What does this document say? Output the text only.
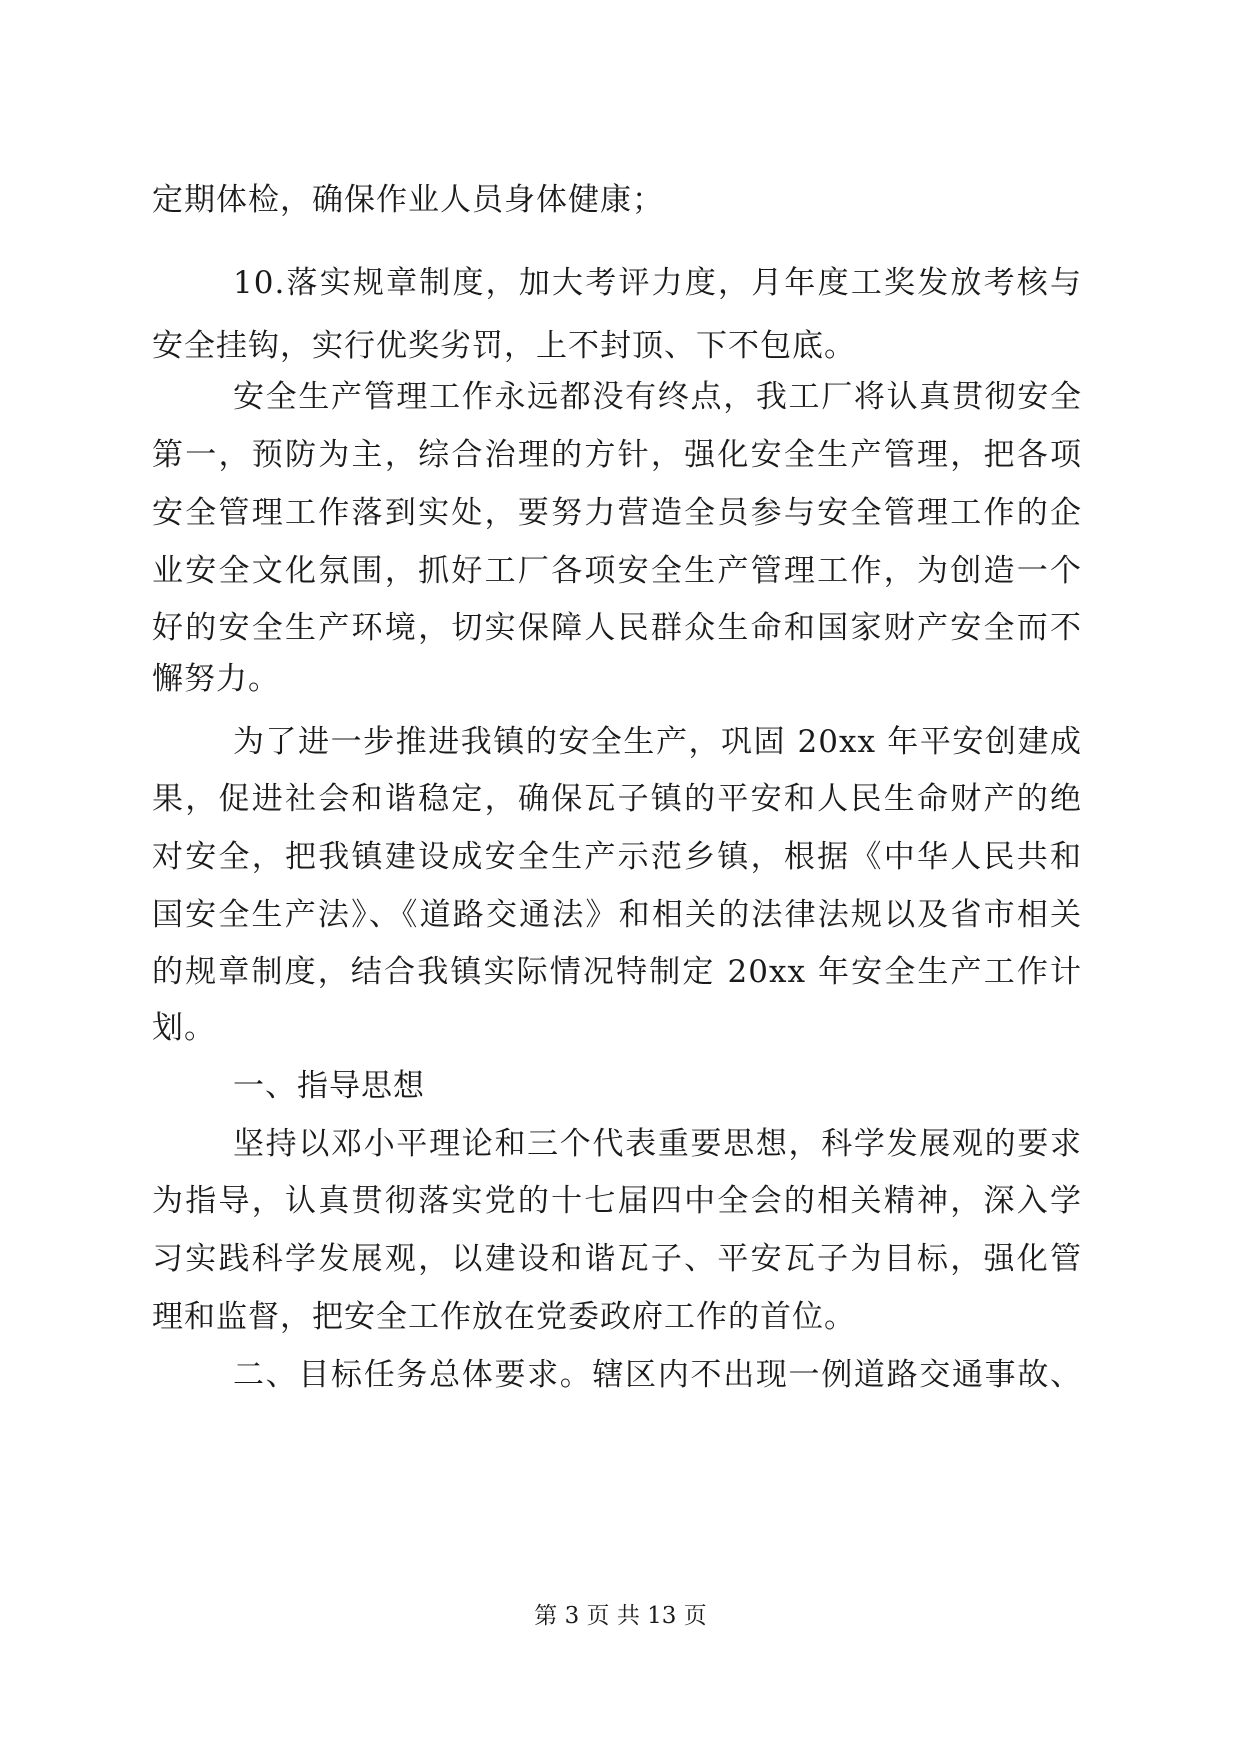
定期体检，确保作业人员身体健康；
10.落实规章制度，加大考评力度，月年度工奖发放考核与
安全挂钩，实行优奖劣罚，上不封顶、下不包底。
安全生产管理工作永远都没有终点，我工厂将认真贯彻安全
第一，预防为主，综合治理的方针，强化安全生产管理，把各项
安全管理工作落到实处，要努力营造全员参与安全管理工作的企
业安全文化氛围，抓好工厂各项安全生产管理工作，为创造一个
好的安全生产环境，切实保障人民群众生命和国家财产安全而不
懈努力。
为了进一步推进我镇的安全生产，巩固 20xx 年平安创建成
果，促进社会和谐稳定，确保瓦子镇的平安和人民生命财产的绝
对安全，把我镇建设成安全生产示范乡镇，根据《中华人民共和
国安全生产法》、《道路交通法》和相关的法律法规以及省市相关
的规章制度，结合我镇实际情况特制定 20xx 年安全生产工作计
划。
一、指导思想
坚持以邓小平理论和三个代表重要思想，科学发展观的要求
为指导，认真贯彻落实党的十七届四中全会的相关精神，深入学
习实践科学发展观，以建设和谐瓦子、平安瓦子为目标，强化管
理和监督，把安全工作放在党委政府工作的首位。
二、目标任务总体要求。辖区内不出现一例道路交通事故、
第 3 页 共 13 页
